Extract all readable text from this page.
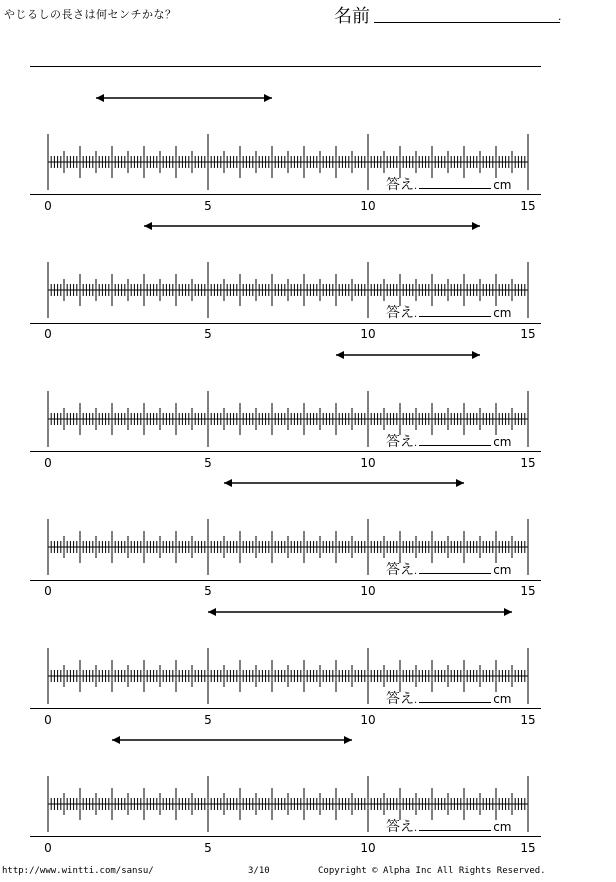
やじるしの長さは何センチかな？	名前	.
0	5	10	15
答え.	cm
0	5	10	15
答え.	cm
0	5	10	15
答え.	cm
0	5	10	15
答え.	cm
0	5	10	15
答え.	cm
0	5	10	15
答え.	cm
http://www.wintti.com/sansu/	3/10	Copyright © Alpha Inc All Rights Reserved.
